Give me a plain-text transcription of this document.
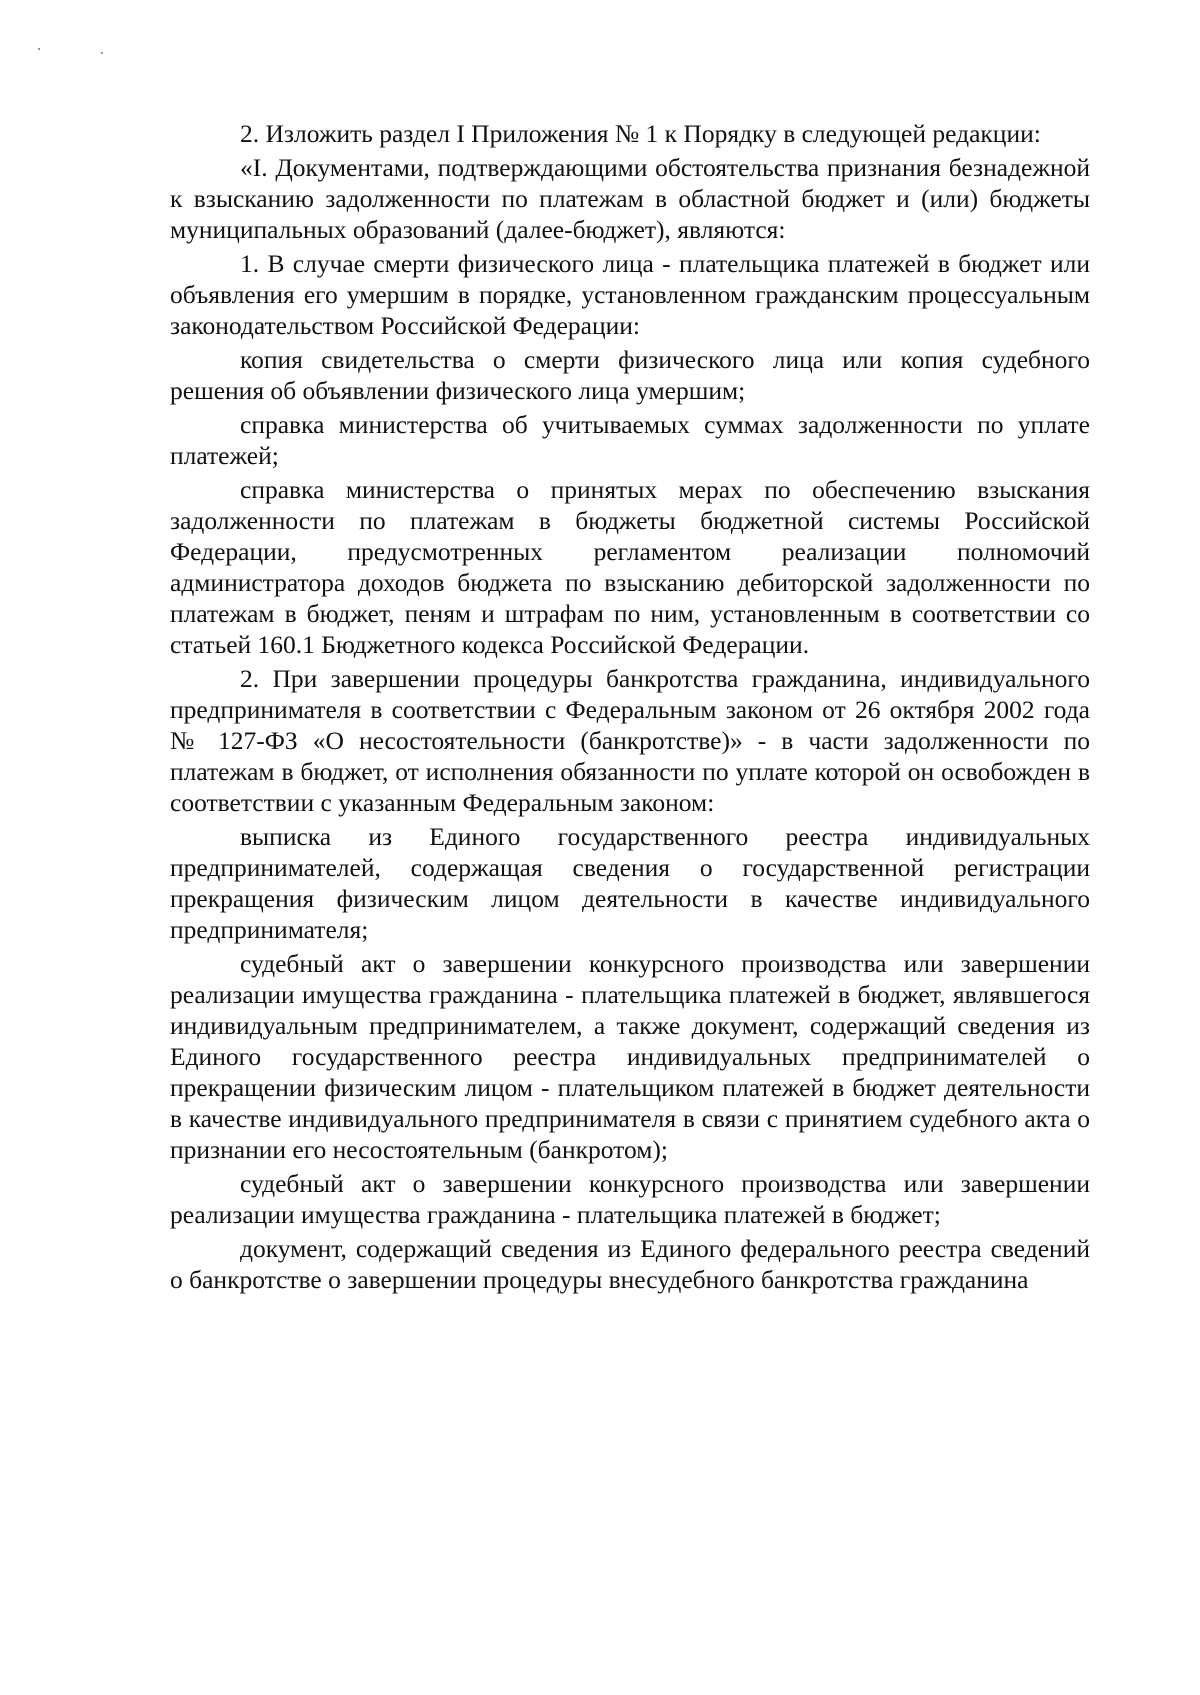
2. Изложить раздел I Приложения № 1 к Порядку в следующей редакции:

«I. Документами, подтверждающими обстоятельства признания безнадежной к взысканию задолженности по платежам в областной бюджет и (или) бюджеты муниципальных образований (далее-бюджет), являются:

1. В случае смерти физического лица - плательщика платежей в бюджет или объявления его умершим в порядке, установленном гражданским процессуальным законодательством Российской Федерации:

копия свидетельства о смерти физического лица или копия судебного решения об объявлении физического лица умершим;

справка министерства об учитываемых суммах задолженности по уплате платежей;

справка министерства о принятых мерах по обеспечению взыскания задолженности по платежам в бюджеты бюджетной системы Российской Федерации, предусмотренных регламентом реализации полномочий администратора доходов бюджета по взысканию дебиторской задолженности по платежам в бюджет, пеням и штрафам по ним, установленным в соответствии со статьей 160.1 Бюджетного кодекса Российской Федерации.

2. При завершении процедуры банкротства гражданина, индивидуального предпринимателя в соответствии с Федеральным законом от 26 октября 2002 года № 127-ФЗ «О несостоятельности (банкротстве)» - в части задолженности по платежам в бюджет, от исполнения обязанности по уплате которой он освобожден в соответствии с указанным Федеральным законом:

выписка из Единого государственного реестра индивидуальных предпринимателей, содержащая сведения о государственной регистрации прекращения физическим лицом деятельности в качестве индивидуального предпринимателя;

судебный акт о завершении конкурсного производства или завершении реализации имущества гражданина - плательщика платежей в бюджет, являвшегося индивидуальным предпринимателем, а также документ, содержащий сведения из Единого государственного реестра индивидуальных предпринимателей о прекращении физическим лицом - плательщиком платежей в бюджет деятельности в качестве индивидуального предпринимателя в связи с принятием судебного акта о признании его несостоятельным (банкротом);

судебный акт о завершении конкурсного производства или завершении реализации имущества гражданина - плательщика платежей в бюджет;

документ, содержащий сведения из Единого федерального реестра сведений о банкротстве о завершении процедуры внесудебного банкротства гражданина
